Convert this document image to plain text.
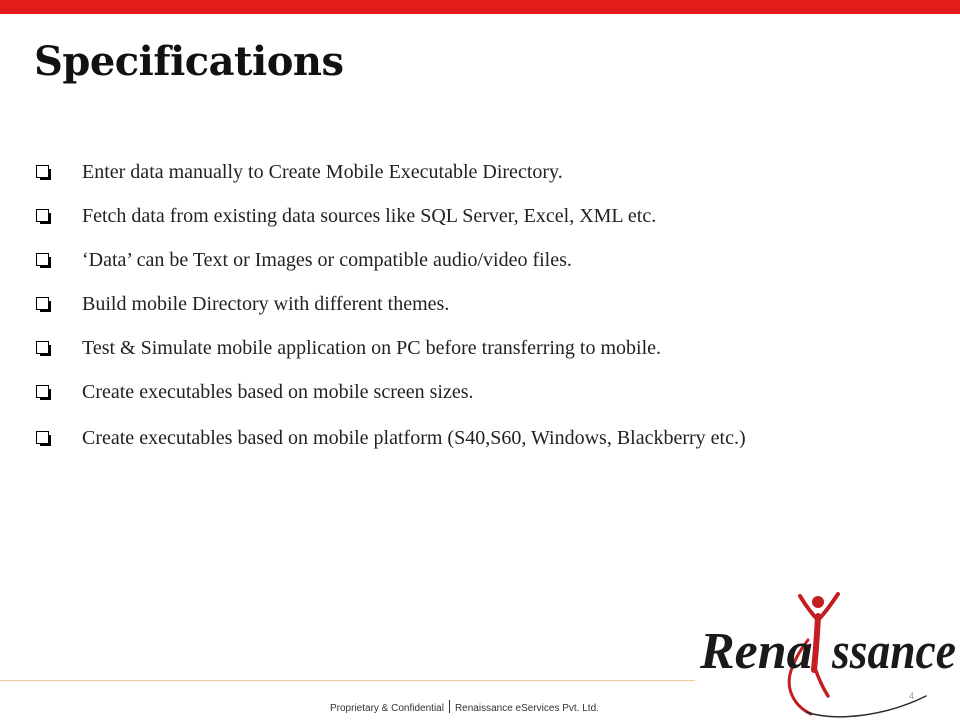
Specifications
Enter data manually to Create Mobile Executable Directory.
Fetch data from existing data sources like SQL Server, Excel, XML etc.
‘Data’ can be Text or Images or compatible audio/video files.
Build mobile Directory with different themes.
Test & Simulate mobile application on PC before transferring to mobile.
Create executables based on mobile screen sizes.
Create executables based on mobile platform (S40,S60, Windows, Blackberry etc.)
Proprietary & Confidential Renaissance eServices Pvt. Ltd.
Rena ssance
4
